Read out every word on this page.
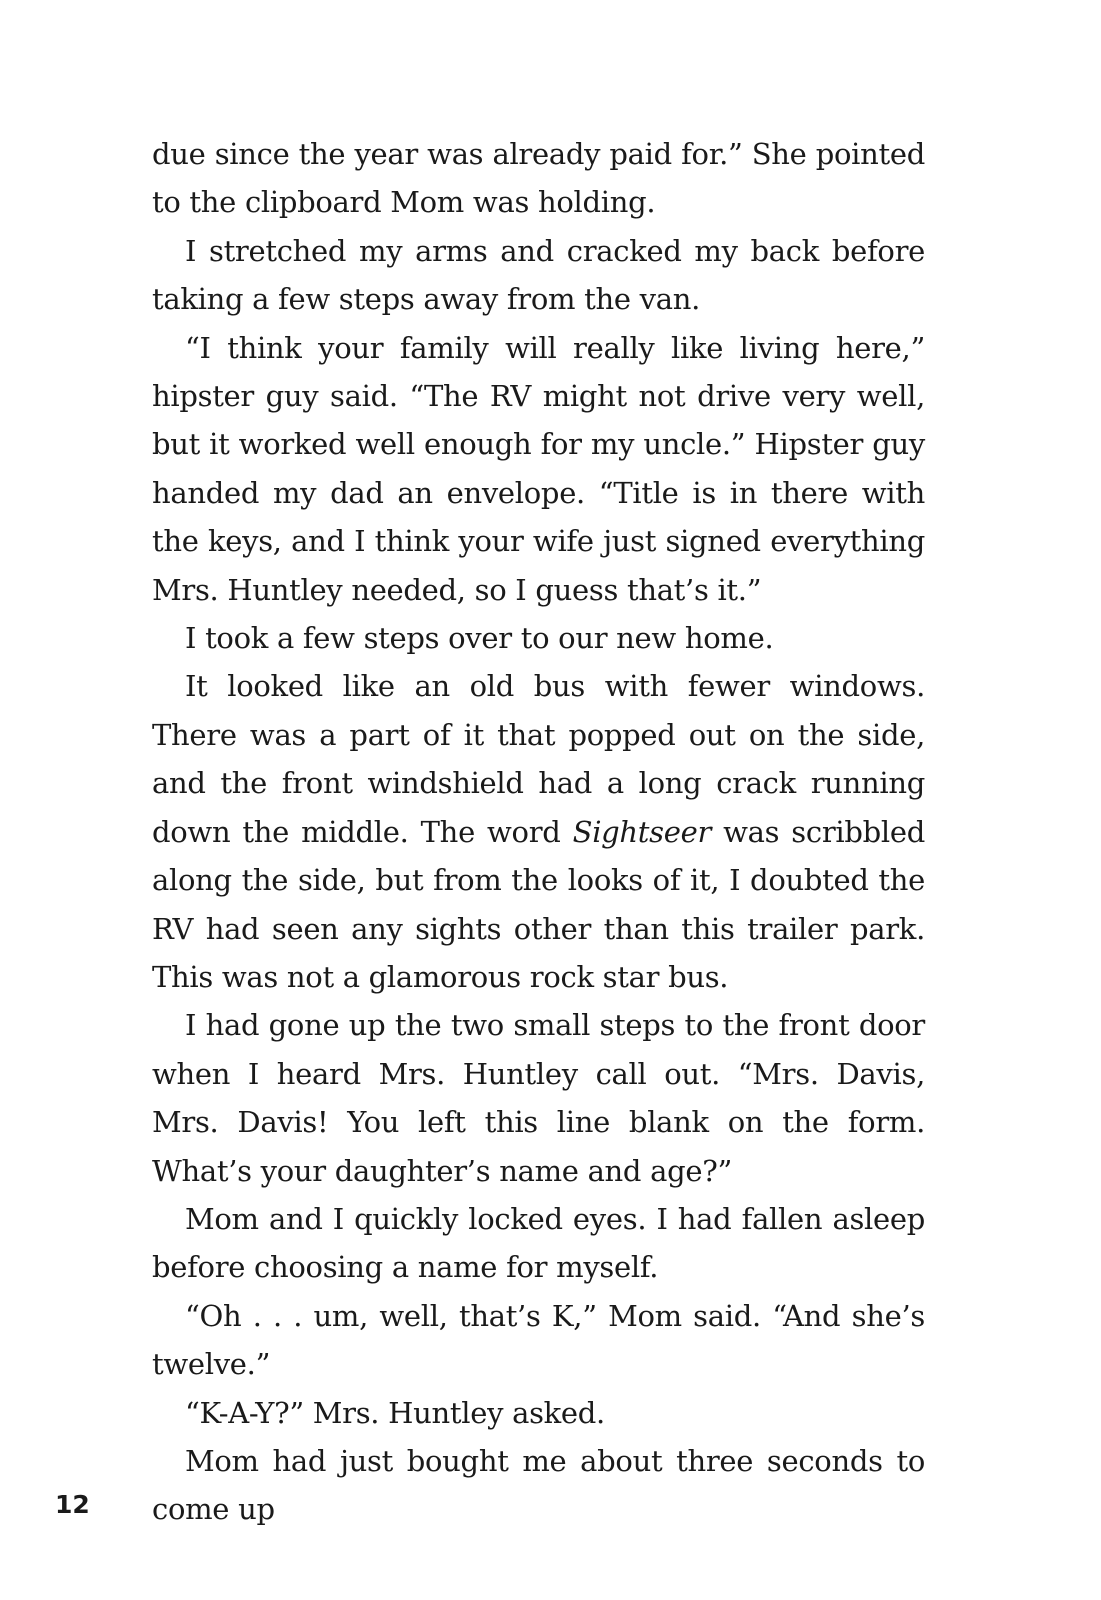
due since the year was already paid for.” She pointed to the clipboard Mom was holding.

I stretched my arms and cracked my back before taking a few steps away from the van.

“I think your family will really like living here,” hipster guy said. “The RV might not drive very well, but it worked well enough for my uncle.” Hipster guy handed my dad an envelope. “Title is in there with the keys, and I think your wife just signed everything Mrs. Huntley needed, so I guess that’s it.”

I took a few steps over to our new home.

It looked like an old bus with fewer windows. There was a part of it that popped out on the side, and the front windshield had a long crack running down the middle. The word Sightseer was scribbled along the side, but from the looks of it, I doubted the RV had seen any sights other than this trailer park. This was not a glamorous rock star bus.

I had gone up the two small steps to the front door when I heard Mrs. Huntley call out. “Mrs. Davis, Mrs. Davis! You left this line blank on the form. What’s your daughter’s name and age?”

Mom and I quickly locked eyes. I had fallen asleep before choosing a name for myself.

“Oh . . . um, well, that’s K,” Mom said. “And she’s twelve.”

“K-A-Y?” Mrs. Huntley asked.

Mom had just bought me about three seconds to come up

12
